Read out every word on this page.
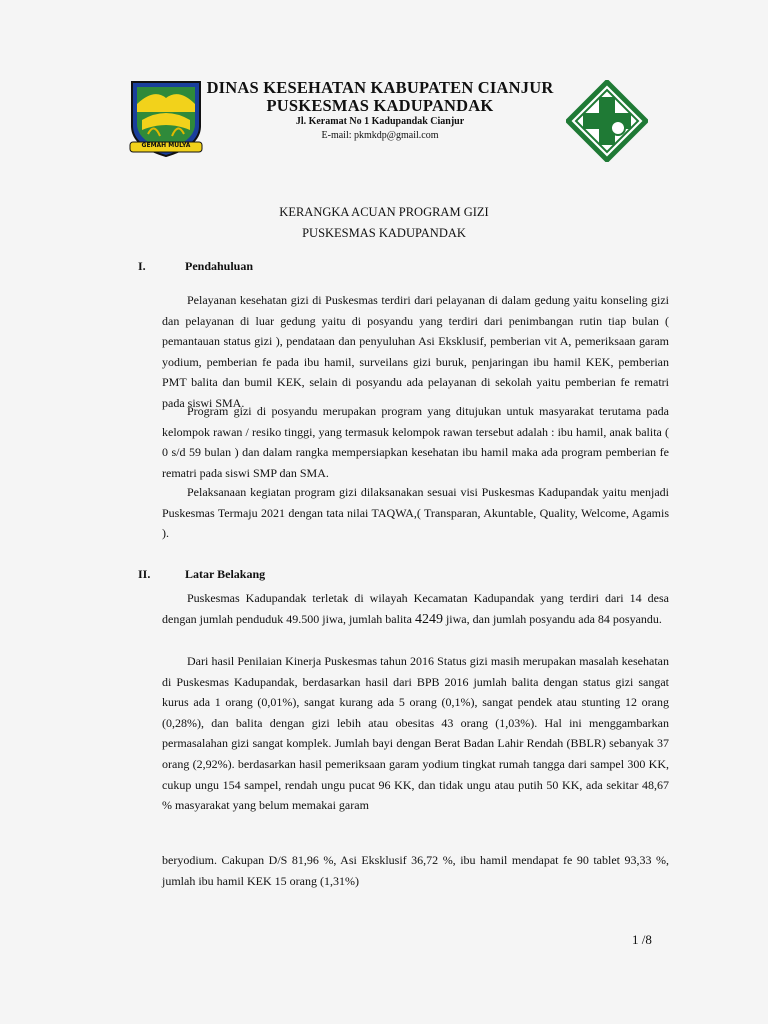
GEMAH MULYA
DINAS KESEHATAN KABUPATEN CIANJUR
PUSKESMAS KADUPANDAK
Jl. Keramat No 1 Kadupandak Cianjur
E-mail: pkmkdp@gmail.com
KERANGKA ACUAN PROGRAM GIZI
PUSKESMAS KADUPANDAK
I.	Pendahuluan

Pelayanan kesehatan gizi di Puskesmas terdiri dari pelayanan di dalam gedung yaitu konseling gizi dan pelayanan di luar gedung yaitu di posyandu yang terdiri dari penimbangan rutin tiap bulan ( pemantauan status gizi ), pendataan dan penyuluhan Asi Eksklusif, pemberian vit A, pemeriksaan garam yodium, pemberian fe pada ibu hamil, surveilans gizi buruk, penjaringan ibu hamil KEK, pemberian PMT balita dan bumil KEK, selain di posyandu ada pelayanan di sekolah yaitu pemberian fe rematri pada siswi SMA.

Program gizi di posyandu merupakan program yang ditujukan untuk masyarakat terutama pada kelompok rawan / resiko tinggi, yang termasuk kelompok rawan tersebut adalah : ibu hamil, anak balita ( 0 s/d 59 bulan ) dan dalam rangka mempersiapkan kesehatan ibu hamil maka ada program pemberian fe rematri pada siswi SMP dan SMA.

Pelaksanaan kegiatan program gizi dilaksanakan sesuai visi Puskesmas Kadupandak yaitu menjadi Puskesmas Termaju 2021 dengan tata nilai TAQWA,( Transparan, Akuntable, Quality, Welcome, Agamis ).

II.	Latar Belakang

Puskesmas Kadupandak terletak di wilayah Kecamatan Kadupandak yang terdiri dari 14 desa dengan jumlah penduduk 49.500 jiwa, jumlah balita 4249 jiwa, dan jumlah posyandu ada 84 posyandu.

Dari hasil Penilaian Kinerja Puskesmas tahun 2016 Status gizi masih merupakan masalah kesehatan di Puskesmas Kadupandak, berdasarkan hasil dari BPB 2016 jumlah balita dengan status gizi sangat kurus ada 1 orang (0,01%), sangat kurang ada 5 orang (0,1%), sangat pendek atau stunting 12 orang (0,28%), dan balita dengan gizi lebih atau obesitas 43 orang (1,03%). Hal ini menggambarkan permasalahan gizi sangat komplek. Jumlah bayi dengan Berat Badan Lahir Rendah (BBLR) sebanyak 37 orang (2,92%). berdasarkan hasil pemeriksaan garam yodium tingkat rumah tangga dari sampel 300 KK, cukup ungu 154 sampel, rendah ungu pucat 96 KK, dan tidak ungu atau putih 50 KK, ada sekitar 48,67 % masyarakat yang belum memakai garam

beryodium. Cakupan D/S 81,96 %, Asi Eksklusif 36,72 %, ibu hamil mendapat fe 90 tablet 93,33 %, jumlah ibu hamil KEK 15 orang (1,31%)

1 /8
